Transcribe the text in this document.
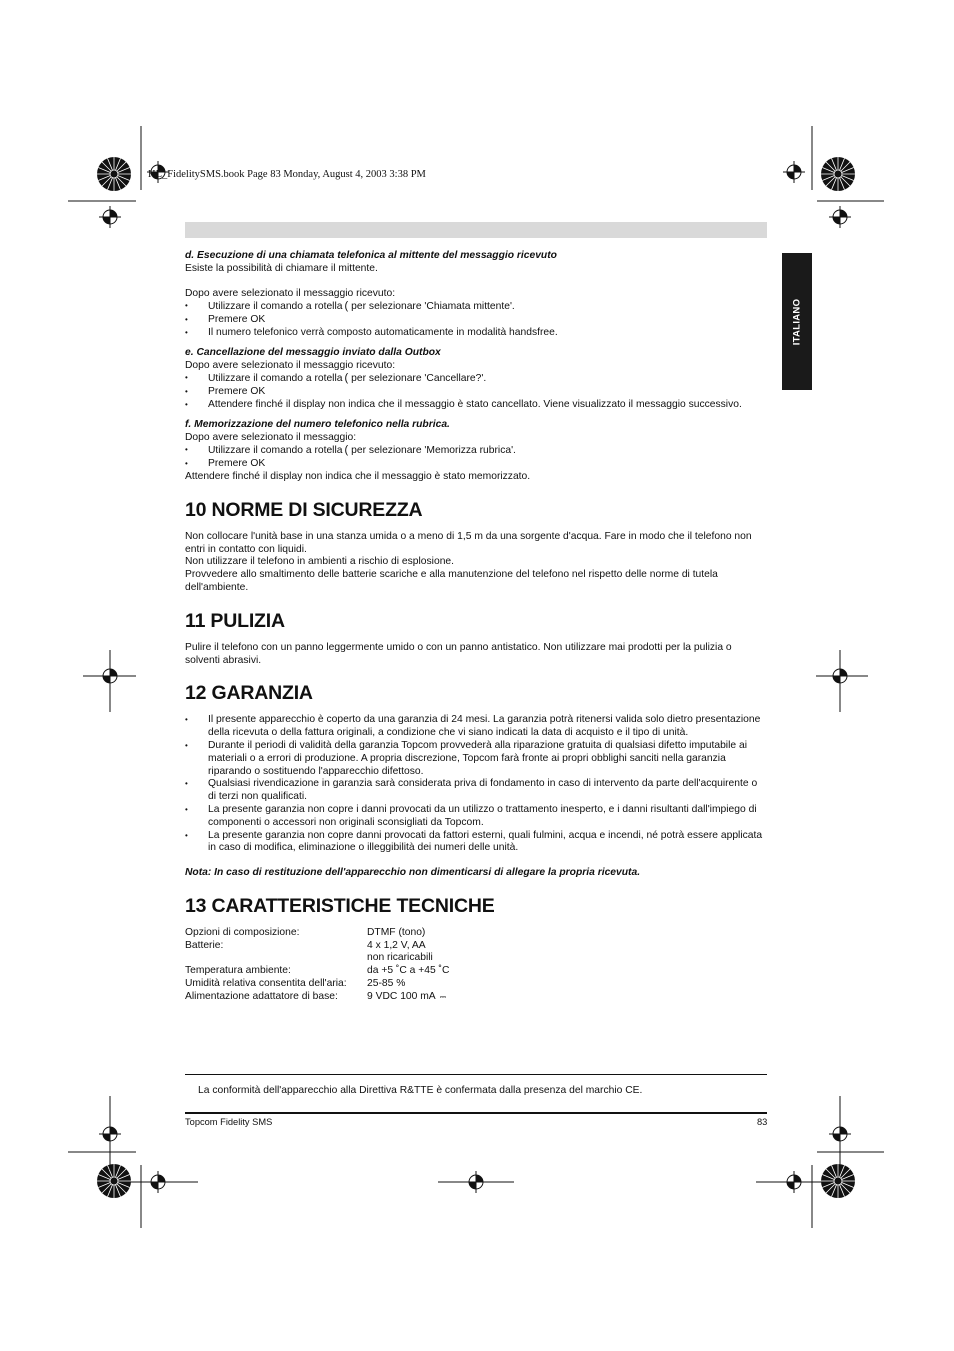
HL_FidelitySMS.book Page 83 Monday, August 4, 2003 3:38 PM
ITALIANO

d. Esecuzione di una chiamata telefonica al mittente del messaggio ricevuto

Esiste la possibilità di chiamare il mittente.

Dopo avere selezionato il messaggio ricevuto:

• Utilizzare il comando a rotella ( per selezionare 'Chiamata mittente'.
• Premere OK
• Il numero telefonico verrà composto automaticamente in modalità handsfree.

e. Cancellazione del messaggio inviato dalla Outbox

Dopo avere selezionato il messaggio ricevuto:

• Utilizzare il comando a rotella ( per selezionare 'Cancellare?'.
• Premere OK
• Attendere finché il display non indica che il messaggio è stato cancellato. Viene visualizzato il messaggio successivo.

f. Memorizzazione del numero telefonico nella rubrica.

Dopo avere selezionato il messaggio:

• Utilizzare il comando a rotella ( per selezionare 'Memorizza rubrica'.
• Premere OK

Attendere finché il display non indica che il messaggio è stato memorizzato.

10 NORME DI SICUREZZA

Non collocare l'unità base in una stanza umida o a meno di 1,5 m da una sorgente d'acqua. Fare in modo che il telefono non entri in contatto con liquidi.

Non utilizzare il telefono in ambienti a rischio di esplosione.

Provvedere allo smaltimento delle batterie scariche e alla manutenzione del telefono nel rispetto delle norme di tutela dell'ambiente.

11 PULIZIA

Pulire il telefono con un panno leggermente umido o con un panno antistatico. Non utilizzare mai prodotti per la pulizia o solventi abrasivi.

12 GARANZIA
• Il presente apparecchio è coperto da una garanzia di 24 mesi. La garanzia potrà ritenersi valida solo dietro presentazione della ricevuta o della fattura originali, a condizione che vi siano indicati la data di acquisto e il tipo di unità.
• Durante il periodi di validità della garanzia Topcom provvederà alla riparazione gratuita di qualsiasi difetto imputabile ai materiali o a errori di produzione. A propria discrezione, Topcom farà fronte ai propri obblighi sanciti nella garanzia riparando o sostituendo l'apparecchio difettoso.
• Qualsiasi rivendicazione in garanzia sarà considerata priva di fondamento in caso di intervento da parte dell'acquirente o di terzi non qualificati.
• La presente garanzia non copre i danni provocati da un utilizzo o trattamento inesperto, e i danni risultanti dall'impiego di componenti o accessori non originali sconsigliati da Topcom.
• La presente garanzia non copre danni provocati da fattori esterni, quali fulmini, acqua e incendi, né potrà essere applicata in caso di modifica, eliminazione o illeggibilità dei numeri delle unità.

Nota: In caso di restituzione dell'apparecchio non dimenticarsi di allegare la propria ricevuta.

13 CARATTERISTICHE TECNICHE
Opzioni di composizione:	DTMF (tono)
Batterie:	4 x 1,2 V, AA
non ricaricabili
Temperatura ambiente:	da +5 ˚C a +45 ˚C
Umidità relativa consentita dell'aria:	25-85 %
Alimentazione adattatore di base:	9 VDC 100 mA ⎓
La conformità dell'apparecchio alla Direttiva R&TTE è confermata dalla presenza del marchio CE.
Topcom Fidelity SMS	83
